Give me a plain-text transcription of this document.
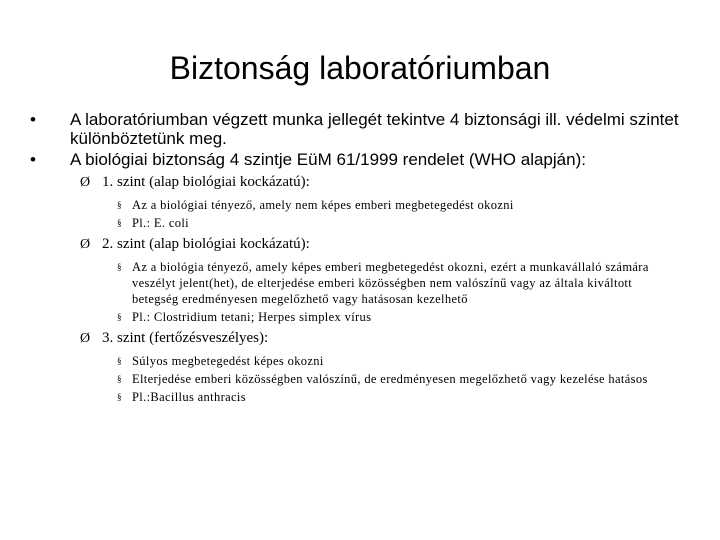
Biztonság laboratóriumban
• A laboratóriumban végzett munka jellegét tekintve 4 biztonsági ill. védelmi szintet különböztetünk meg.
• A biológiai biztonság 4 szintje EüM 61/1999 rendelet (WHO alapján):
Ø 1. szint (alap biológiai kockázatú):
§ Az a biológiai tényező, amely nem képes emberi megbetegedést okozni
§ Pl.: E. coli
Ø 2. szint (alap biológiai kockázatú):
§ Az a biológia tényező, amely képes emberi megbetegedést okozni, ezért a munkavállaló számára veszélyt jelent(het), de elterjedése emberi közösségben nem valószínű vagy az általa kiváltott betegség eredményesen megelőzhető vagy hatásosan kezelhető
§ Pl.: Clostridium tetani; Herpes simplex vírus
Ø 3. szint (fertőzésveszélyes):
§ Súlyos megbetegedést képes okozni
§ Elterjedése emberi közösségben valószínű, de eredményesen megelőzhető vagy kezelése hatásos
§ Pl.:Bacillus anthracis
